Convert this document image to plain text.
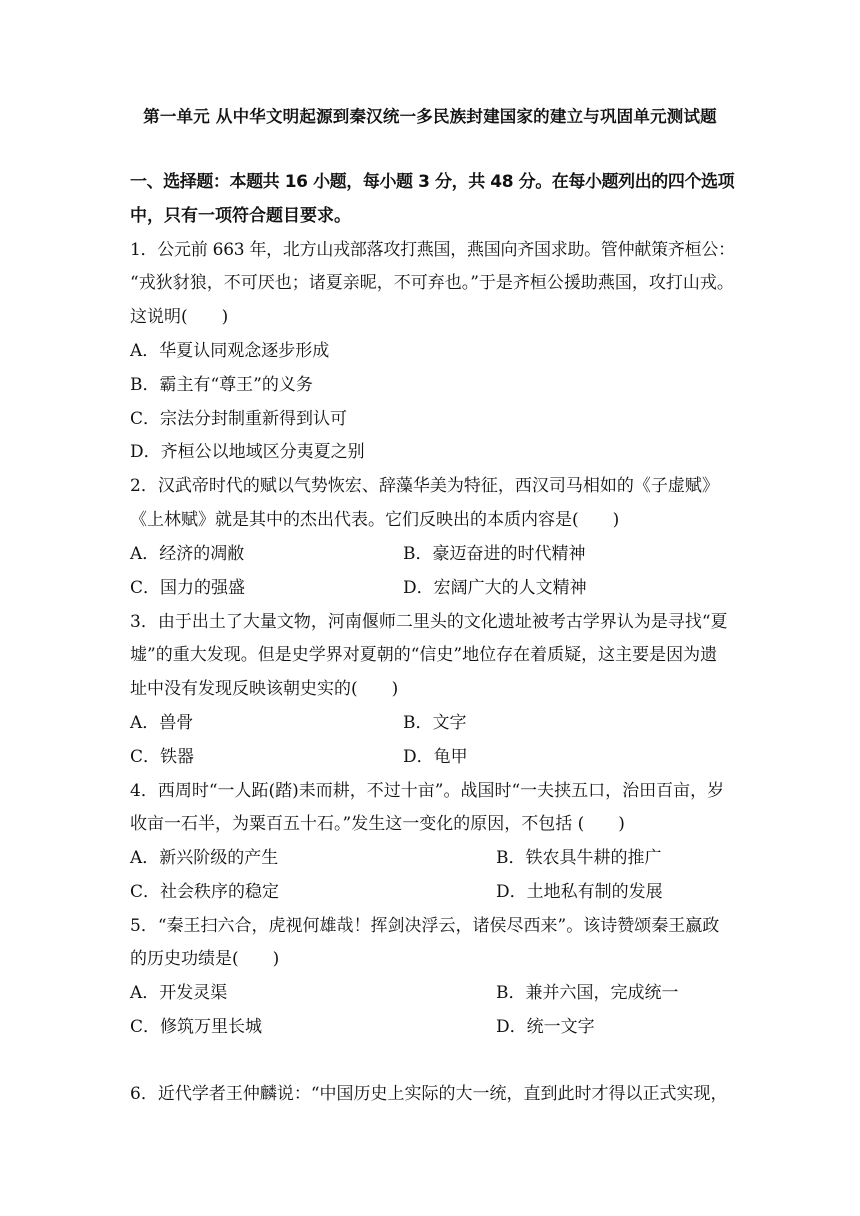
第一单元 从中华文明起源到秦汉统一多民族封建国家的建立与巩固单元测试题
一、选择题：本题共 16 小题，每小题 3 分，共 48 分。在每小题列出的四个选项
中，只有一项符合题目要求。
1．公元前 663 年，北方山戎部落攻打燕国，燕国向齐国求助。管仲献策齐桓公：
“戎狄豺狼，不可厌也；诸夏亲昵，不可弃也。”于是齐桓公援助燕国，攻打山戎。
这说明(　　)
A．华夏认同观念逐步形成
B．霸主有“尊王”的义务
C．宗法分封制重新得到认可
D．齐桓公以地域区分夷夏之别
2．汉武帝时代的赋以气势恢宏、辞藻华美为特征，西汉司马相如的《子虚赋》
《上林赋》就是其中的杰出代表。它们反映出的本质内容是(　　)
A．经济的凋敝	B．豪迈奋进的时代精神
C．国力的强盛	D．宏阔广大的人文精神
3．由于出土了大量文物，河南偃师二里头的文化遗址被考古学界认为是寻找“夏
墟”的重大发现。但是史学界对夏朝的“信史”地位存在着质疑，这主要是因为遗
址中没有发现反映该朝史实的(　　)
A．兽骨	B．文字
C．铁器	D．龟甲
4．西周时“一人跖(踏)耒而耕，不过十亩”。战国时“一夫挟五口，治田百亩，岁
收亩一石半，为粟百五十石。”发生这一变化的原因，不包括 (　　)
A．新兴阶级的产生	B．铁农具牛耕的推广
C．社会秩序的稳定	D．土地私有制的发展
5．“秦王扫六合，虎视何雄哉！挥剑决浮云，诸侯尽西来”。该诗赞颂秦王嬴政
的历史功绩是(　　)
A．开发灵渠	B．兼并六国，完成统一
C．修筑万里长城	D．统一文字
6．近代学者王仲麟说：“中国历史上实际的大一统，直到此时才得以正式实现，
